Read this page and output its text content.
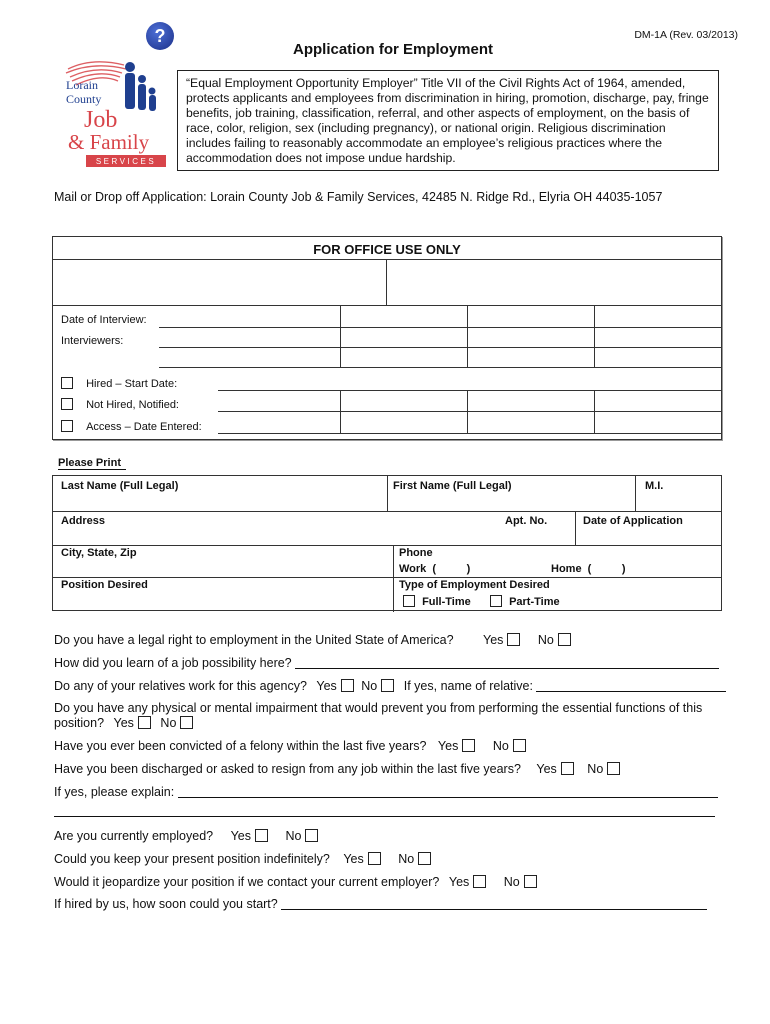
?	DM-1A (Rev. 03/2013)
Application for Employment
Lorain
County
Job
& Family
SERVICES
“Equal Employment Opportunity Employer” Title VII of the Civil Rights Act of 1964, amended, protects applicants and employees from discrimination in hiring, promotion, discharge, pay, fringe benefits, job training, classification, referral, and other aspects of employment, on the basis of race, color, religion, sex (including pregnancy), or national origin. Religious discrimination includes failing to reasonably accommodate an employee’s religious practices where the accommodation does not impose undue hardship.
Mail or Drop off Application: Lorain County Job & Family Services, 42485 N. Ridge Rd., Elyria OH 44035-1057
FOR OFFICE USE ONLY
Date of Interview:
Interviewers:
Hired – Start Date:
Not Hired, Notified:
Access – Date Entered:
Please Print
Last Name (Full Legal)	First Name (Full Legal)	M.I.
Address	Apt. No.	Date of Application
City, State, Zip	Phone
Work  (          )	Home  (          )
Position Desired	Type of Employment Desired
Full-Time	Part-Time
Do you have a legal right to employment in the United State of America? Yes	No
How did you learn of a job possibility here?
Do any of your relatives work for this agency? Yes No If yes, name of relative:
Do you have any physical or mental impairment that would prevent you from performing the essential functions of this
position? Yes No
Have you ever been convicted of a felony within the last five years? Yes	No
Have you been discharged or asked to resign from any job within the last five years? Yes No
If yes, please explain:
Are you currently employed? Yes	No
Could you keep your present position indefinitely? Yes	No
Would it jeopardize your position if we contact your current employer? Yes	No
If hired by us, how soon could you start?
